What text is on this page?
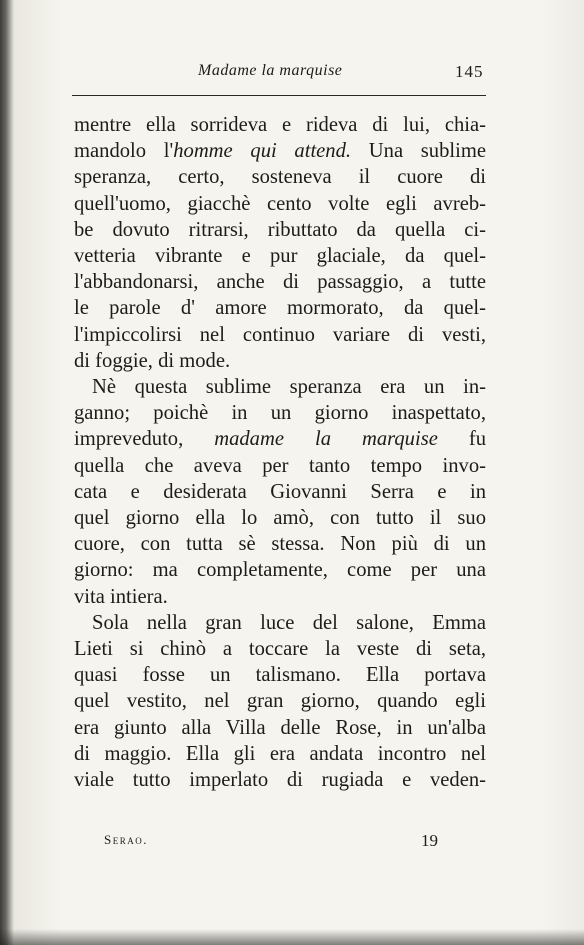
Madame la marquise	145
mentre ella sorrideva e rideva di lui, chia-
mandolo l'homme qui attend. Una sublime
speranza, certo, sosteneva il cuore di
quell'uomo, giacchè cento volte egli avreb-
be dovuto ritrarsi, ributtato da quella ci-
vetteria vibrante e pur glaciale, da quel-
l'abbandonarsi, anche di passaggio, a tutte
le parole d' amore mormorato, da quel-
l'impiccolirsi nel continuo variare di vesti,
di foggie, di mode.
Nè questa sublime speranza era un in-
ganno; poichè in un giorno inaspettato,
impreveduto, madame la marquise fu
quella che aveva per tanto tempo invo-
cata e desiderata Giovanni Serra e in
quel giorno ella lo amò, con tutto il suo
cuore, con tutta sè stessa. Non più di un
giorno: ma completamente, come per una
vita intiera.
Sola nella gran luce del salone, Emma
Lieti si chinò a toccare la veste di seta,
quasi fosse un talismano. Ella portava
quel vestito, nel gran giorno, quando egli
era giunto alla Villa delle Rose, in un'alba
di maggio. Ella gli era andata incontro nel
viale tutto imperlato di rugiada e veden-
Serao.	19
